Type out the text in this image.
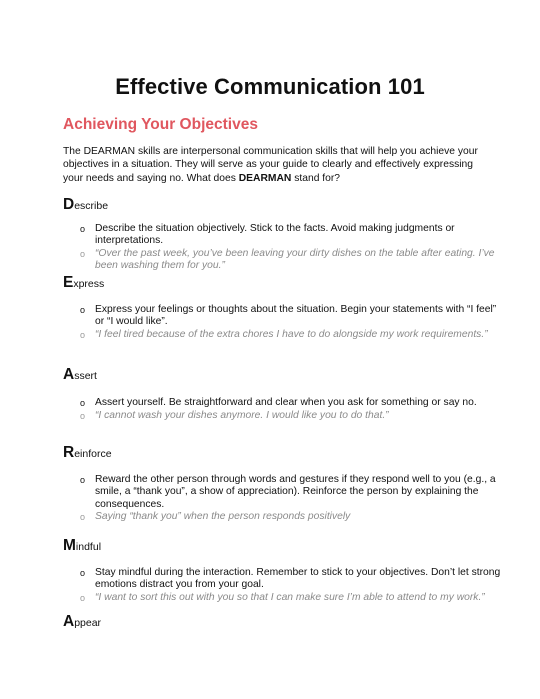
Effective Communication 101
Achieving Your Objectives
The DEARMAN skills are interpersonal communication skills that will help you achieve your objectives in a situation. They will serve as your guide to clearly and effectively expressing your needs and saying no. What does DEARMAN stand for?
Describe
o Describe the situation objectively. Stick to the facts. Avoid making judgments or interpretations.
o “Over the past week, you’ve been leaving your dirty dishes on the table after eating. I’ve been washing them for you.”
Express
o Express your feelings or thoughts about the situation. Begin your statements with “I feel” or “I would like”.
o “I feel tired because of the extra chores I have to do alongside my work requirements.”
Assert
o Assert yourself. Be straightforward and clear when you ask for something or say no.
o “I cannot wash your dishes anymore. I would like you to do that.”
Reinforce
o Reward the other person through words and gestures if they respond well to you (e.g., a smile, a “thank you”, a show of appreciation). Reinforce the person by explaining the consequences.
o Saying “thank you” when the person responds positively
Mindful
o Stay mindful during the interaction. Remember to stick to your objectives. Don’t let strong emotions distract you from your goal.
o “I want to sort this out with you so that I can make sure I’m able to attend to my work.”
Appear
